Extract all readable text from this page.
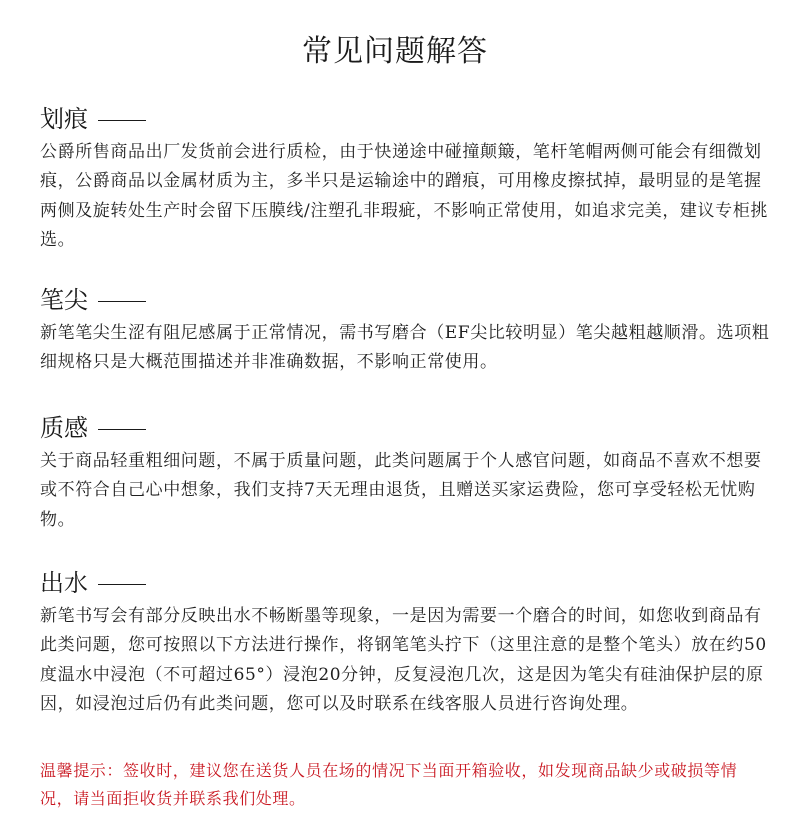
常见问题解答
划痕

公爵所售商品出厂发货前会进行质检，由于快递途中碰撞颠簸，笔杆笔帽两侧可能会有细微划痕，公爵商品以金属材质为主，多半只是运输途中的蹭痕，可用橡皮擦拭掉，最明显的是笔握两侧及旋转处生产时会留下压膜线/注塑孔非瑕疵，不影响正常使用，如追求完美，建议专柜挑选。

笔尖

新笔笔尖生涩有阻尼感属于正常情况，需书写磨合（EF尖比较明显）笔尖越粗越顺滑。选项粗细规格只是大概范围描述并非准确数据，不影响正常使用。

质感

关于商品轻重粗细问题，不属于质量问题，此类问题属于个人感官问题，如商品不喜欢不想要或不符合自己心中想象，我们支持7天无理由退货，且赠送买家运费险，您可享受轻松无忧购物。

出水

新笔书写会有部分反映出水不畅断墨等现象，一是因为需要一个磨合的时间，如您收到商品有此类问题，您可按照以下方法进行操作，将钢笔笔头拧下（这里注意的是整个笔头）放在约50度温水中浸泡（不可超过65°）浸泡20分钟，反复浸泡几次，这是因为笔尖有硅油保护层的原因，如浸泡过后仍有此类问题，您可以及时联系在线客服人员进行咨询处理。

温馨提示：签收时，建议您在送货人员在场的情况下当面开箱验收，如发现商品缺少或破损等情况，请当面拒收货并联系我们处理。
